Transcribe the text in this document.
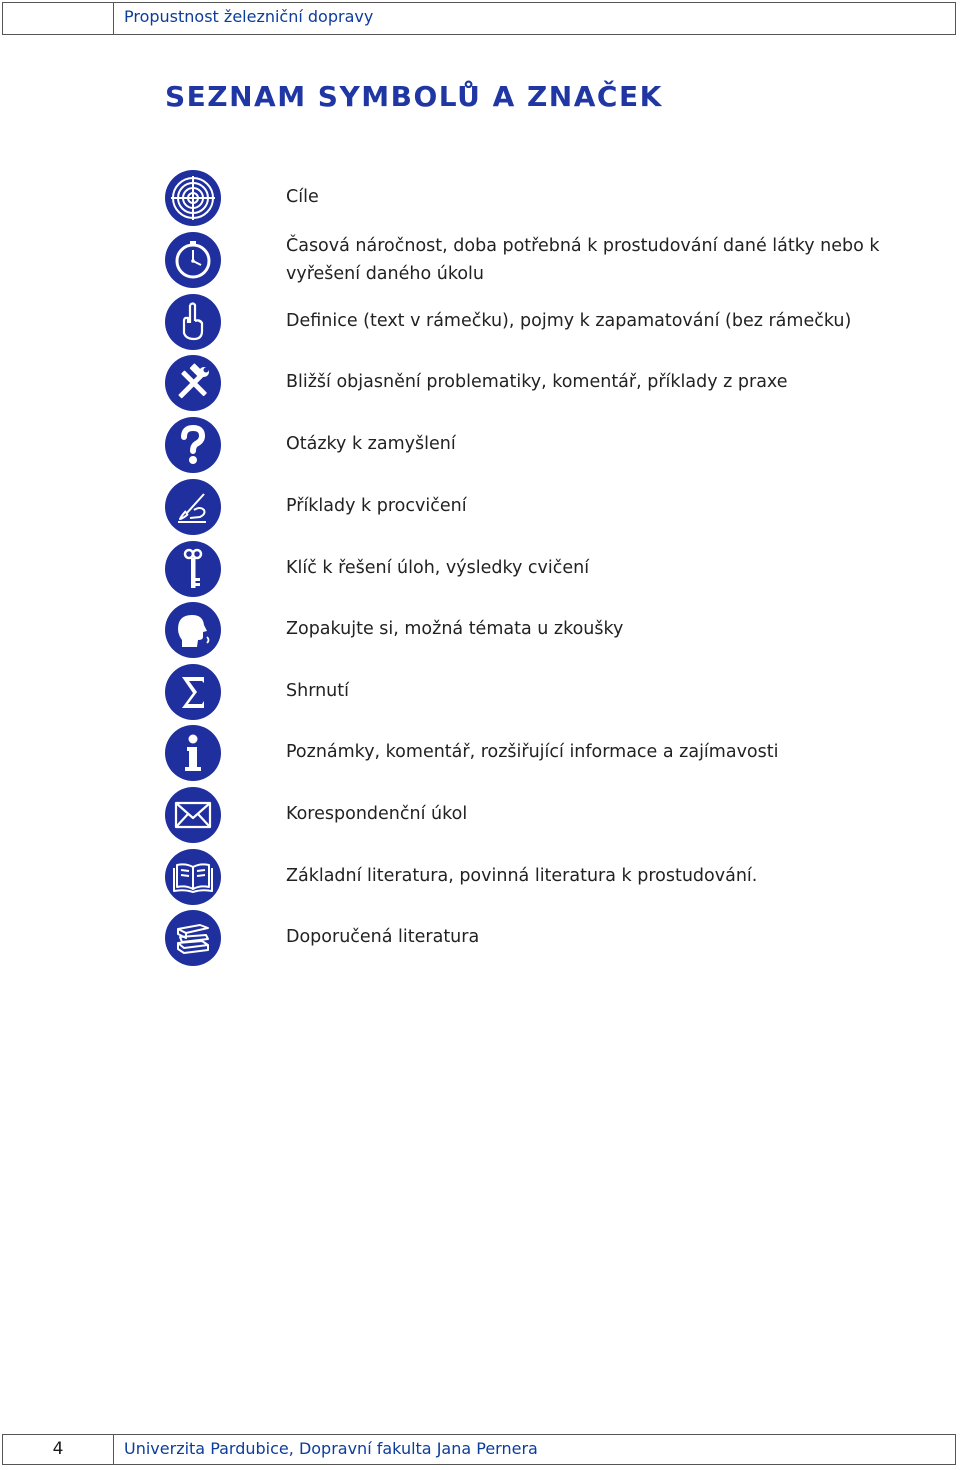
Propustnost železniční dopravy
SEZNAM SYMBOLŮ A ZNAČEK
Cíle
Časová náročnost, doba potřebná k prostudování dané látky nebo k vyřešení daného úkolu
Definice (text v rámečku), pojmy k zapamatování (bez rámečku)
Bližší objasnění problematiky, komentář, příklady z praxe
Otázky k zamyšlení
Příklady k procvičení
Klíč k řešení úloh, výsledky cvičení
Zopakujte si, možná témata u zkoušky
Shrnutí
Poznámky, komentář, rozšiřující informace a zajímavosti
Korespondenční úkol
Základní literatura, povinná literatura k prostudování.
Doporučená literatura
4	Univerzita Pardubice, Dopravní fakulta Jana Pernera
